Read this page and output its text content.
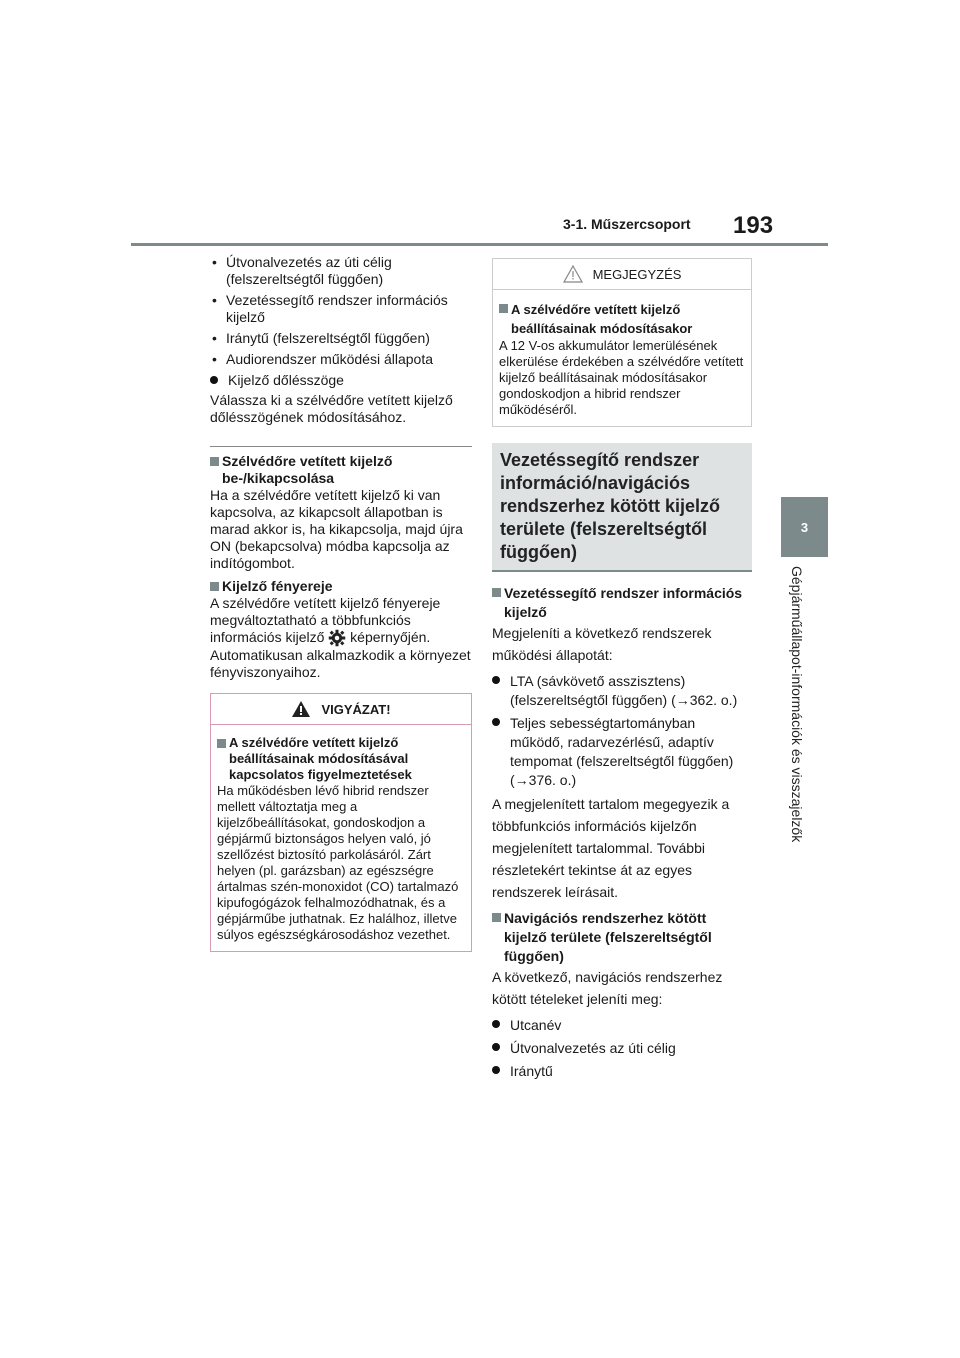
3-1. Műszercsoport 193
3
Gépjárműállapot-információk és visszajelzők
• Útvonalvezetés az úti célig (felszereltségtől függően)
• Vezetéssegítő rendszer információs kijelző
• Iránytű (felszereltségtől függően)
• Audiorendszer működési állapota
Kijelző dőlésszöge

Válassza ki a szélvédőre vetített kijelző dőlésszögének módosításához.

Szélvédőre vetített kijelző be-/kikapcsolása

Ha a szélvédőre vetített kijelző ki van kapcsolva, az kikapcsolt állapotban is marad akkor is, ha kikapcsolja, majd újra ON (bekapcsolva) módba kapcsolja az indítógombot.

Kijelző fényereje

A szélvédőre vetített kijelző fényereje megváltoztatható a többfunkciós információs kijelző képernyőjén. Automatikusan alkalmazkodik a környezet fényviszonyaihoz.

VIGYÁZAT!
A szélvédőre vetített kijelző beállításainak módosításával kapcsolatos figyelmeztetések
Ha működésben lévő hibrid rendszer mellett változtatja meg a kijelzőbeállításokat, gondoskodjon a gépjármű biztonságos helyen való, jó szellőzést biztosító parkolásáról. Zárt helyen (pl. garázsban) az egészségre ártalmas szén-monoxidot (CO) tartalmazó kipufogógázok felhalmozódhatnak, és a gépjárműbe juthatnak. Ez halálhoz, illetve súlyos egészségkárosodáshoz vezethet.
MEGJEGYZÉS
A szélvédőre vetített kijelző beállításainak módosításakor
A 12 V-os akkumulátor lemerülésének elkerülése érdekében a szélvédőre vetített kijelző beállításainak módosításakor gondoskodjon a hibrid rendszer működéséről.
Vezetéssegítő rendszer információ/navigációs rendszerhez kötött kijelző területe (felszereltségtől függően)
Vezetéssegítő rendszer információs kijelző

Megjeleníti a következő rendszerek működési állapotát:

LTA (sávkövető asszisztens) (felszereltségtől függően) (→362. o.)
Teljes sebességtartományban működő, radarvezérlésű, adaptív tempomat (felszereltségtől függően) (→376. o.)

A megjelenített tartalom megegyezik a többfunkciós információs kijelzőn megjelenített tartalommal. További részletekért tekintse át az egyes rendszerek leírásait.

Navigációs rendszerhez kötött kijelző területe (felszereltségtől függően)

A következő, navigációs rendszerhez kötött tételeket jeleníti meg:

Utcanév
Útvonalvezetés az úti célig
Iránytű
